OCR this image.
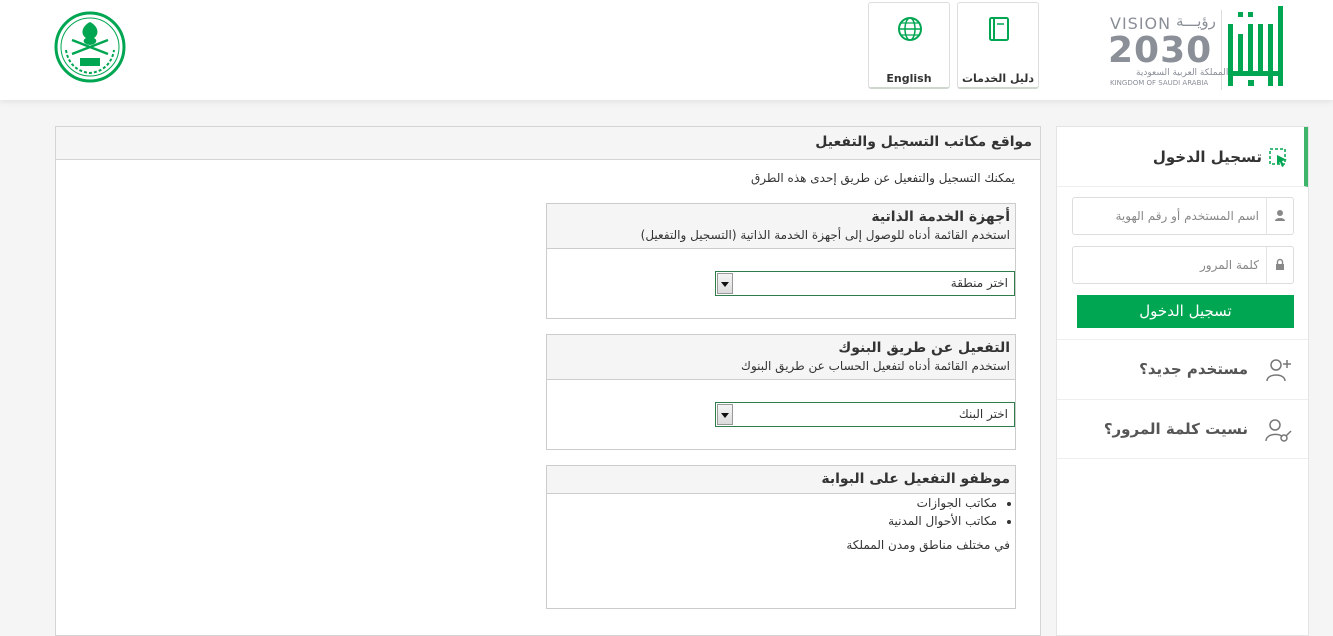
VISION رؤيـــة
2030
المملكة العربية السعودية
KINGDOM OF SAUDI ARABIA
دليل الخدمات
English
مواقع مكاتب التسجيل والتفعيل
يمكنك التسجيل والتفعيل عن طريق إحدى هذه الطرق
أجهزة الخدمة الذاتية
استخدم القائمة أدناه للوصول إلى أجهزة الخدمة الذاتية (التسجيل والتفعيل)
اختر منطقة
التفعيل عن طريق البنوك
استخدم القائمة أدناه لتفعيل الحساب عن طريق البنوك
اختر البنك
موظفو التفعيل على البوابة
• مكاتب الجوازات
• مكاتب الأحوال المدنية
في مختلف مناطق ومدن المملكة
تسجيل الدخول
اسم المستخدم أو رقم الهوية
كلمة المرور
تسجيل الدخول
مستخدم جديد؟
نسيت كلمة المرور؟
